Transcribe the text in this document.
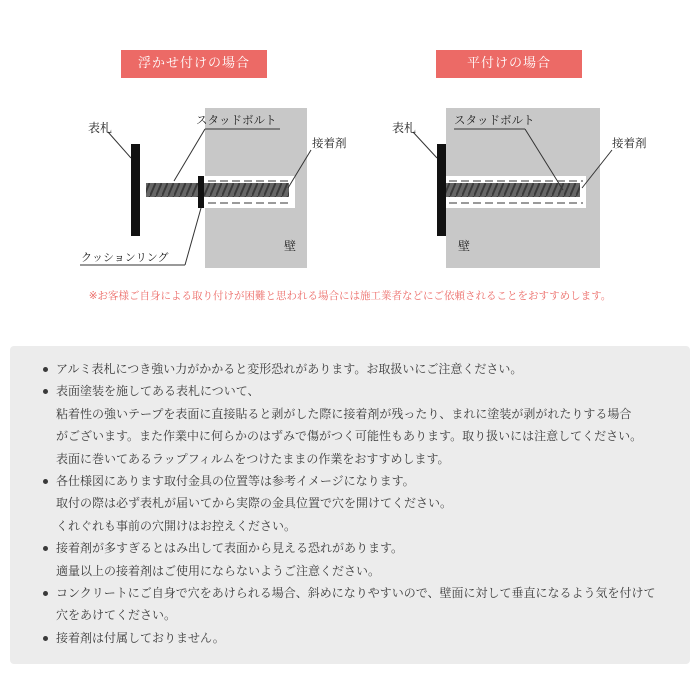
浮かせ付けの場合	平付けの場合
表札
スタッドボルト
接着剤
壁
クッションリング
表札
スタッドボルト
接着剤
壁
※お客様ご自身による取り付けが困難と思われる場合には施工業者などにご依頼されることをおすすめします。
アルミ表札につき強い力がかかると変形恐れがあります。お取扱いにご注意ください。
表面塗装を施してある表札について、
粘着性の強いテープを表面に直接貼ると剥がした際に接着剤が残ったり、まれに塗装が剥がれたりする場合
がございます。また作業中に何らかのはずみで傷がつく可能性もあります。取り扱いには注意してください。
表面に巻いてあるラップフィルムをつけたままの作業をおすすめします。
各仕様図にあります取付金具の位置等は参考イメージになります。
取付の際は必ず表札が届いてから実際の金具位置で穴を開けてください。
くれぐれも事前の穴開けはお控えください。
接着剤が多すぎるとはみ出して表面から見える恐れがあります。
適量以上の接着剤はご使用にならないようご注意ください。
コンクリートにご自身で穴をあけられる場合、斜めになりやすいので、壁面に対して垂直になるよう気を付けて
穴をあけてください。
接着剤は付属しておりません。
